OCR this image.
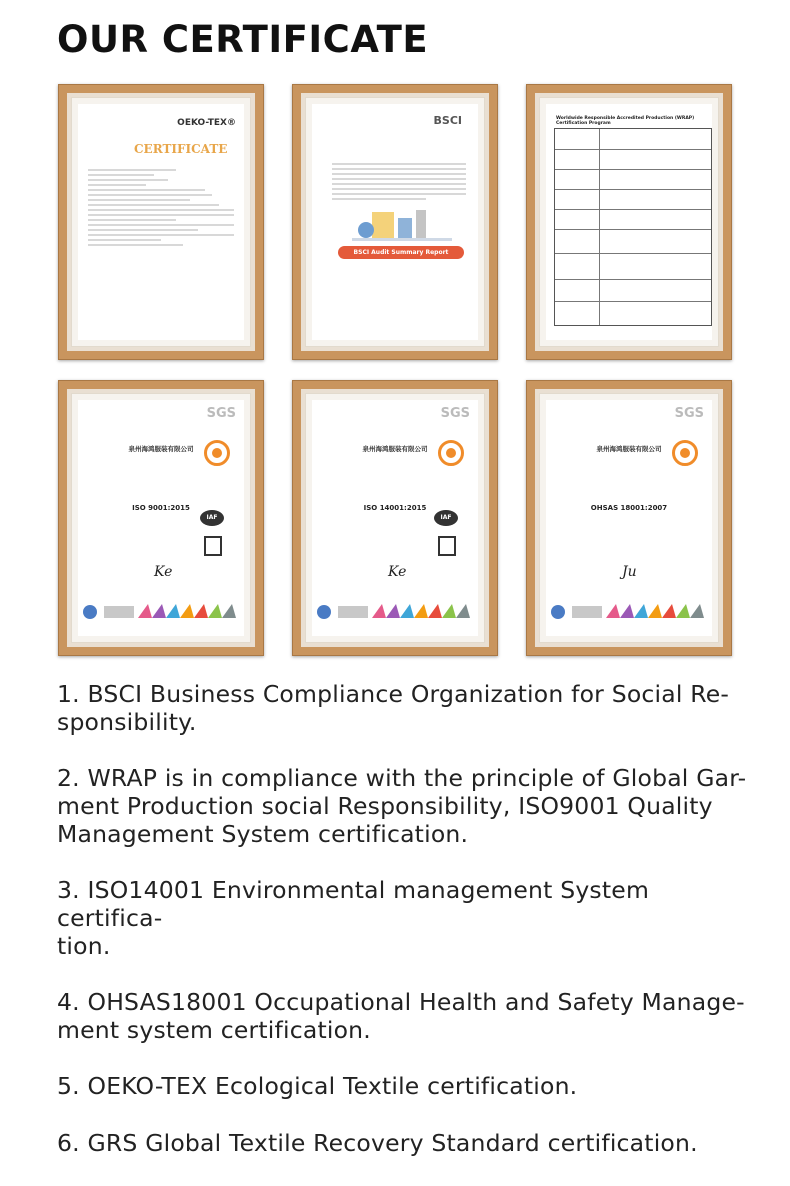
OUR CERTIFICATE
OEKO-TEX®
CERTIFICATE
BSCI
BSCI Audit Summary Report
Worldwide Responsible Accredited Production (WRAP) Certification Program
SGS
泉州海鸿服装有限公司
ISO 9001:2015
IAF
Ke
SGS
泉州海鸿服装有限公司
ISO 14001:2015
IAF
Ke
SGS
泉州海鸿服装有限公司
OHSAS 18001:2007
Ju
1. BSCI Business Compliance Organization for Social Re-
sponsibility.
2. WRAP is in compliance with the principle of Global Gar-
ment Production social Responsibility, ISO9001 Quality
Management System certification.
3. ISO14001 Environmental management System certifica-
tion.
4. OHSAS18001 Occupational Health and Safety Manage-
ment system certification.
5. OEKO-TEX Ecological Textile certification.
6. GRS Global Textile Recovery Standard certification.
